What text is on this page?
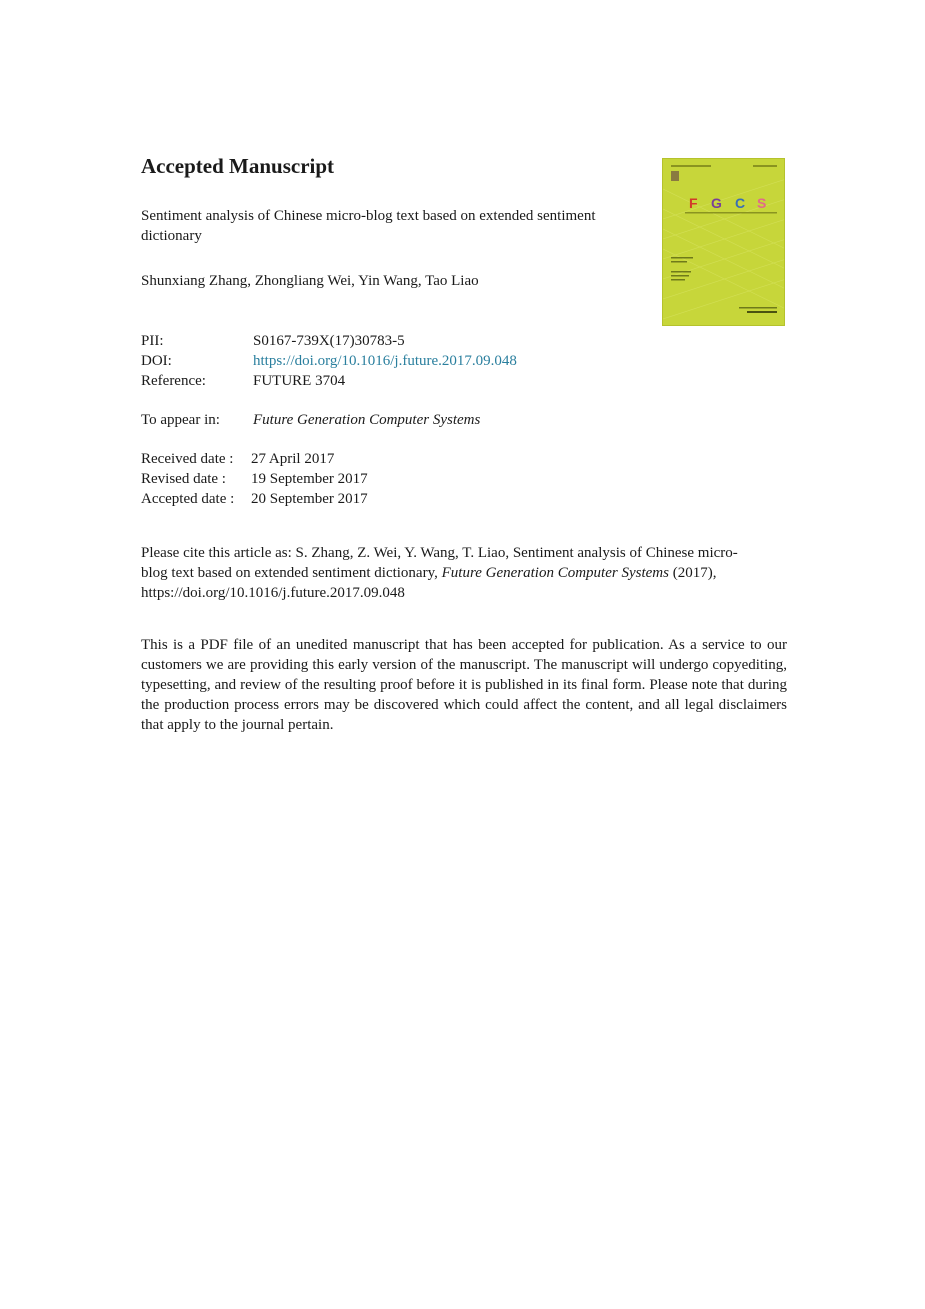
Accepted Manuscript
Sentiment analysis of Chinese micro-blog text based on extended sentiment dictionary
Shunxiang Zhang, Zhongliang Wei, Yin Wang, Tao Liao
PII:	S0167-739X(17)30783-5
DOI:	https://doi.org/10.1016/j.future.2017.09.048
Reference:	FUTURE 3704
To appear in: Future Generation Computer Systems
Received date : 27 April 2017
Revised date : 19 September 2017
Accepted date : 20 September 2017
Please cite this article as: S. Zhang, Z. Wei, Y. Wang, T. Liao, Sentiment analysis of Chinese micro-blog text based on extended sentiment dictionary, Future Generation Computer Systems (2017), https://doi.org/10.1016/j.future.2017.09.048
This is a PDF file of an unedited manuscript that has been accepted for publication. As a service to our customers we are providing this early version of the manuscript. The manuscript will undergo copyediting, typesetting, and review of the resulting proof before it is published in its final form. Please note that during the production process errors may be discovered which could affect the content, and all legal disclaimers that apply to the journal pertain.
F G C S
